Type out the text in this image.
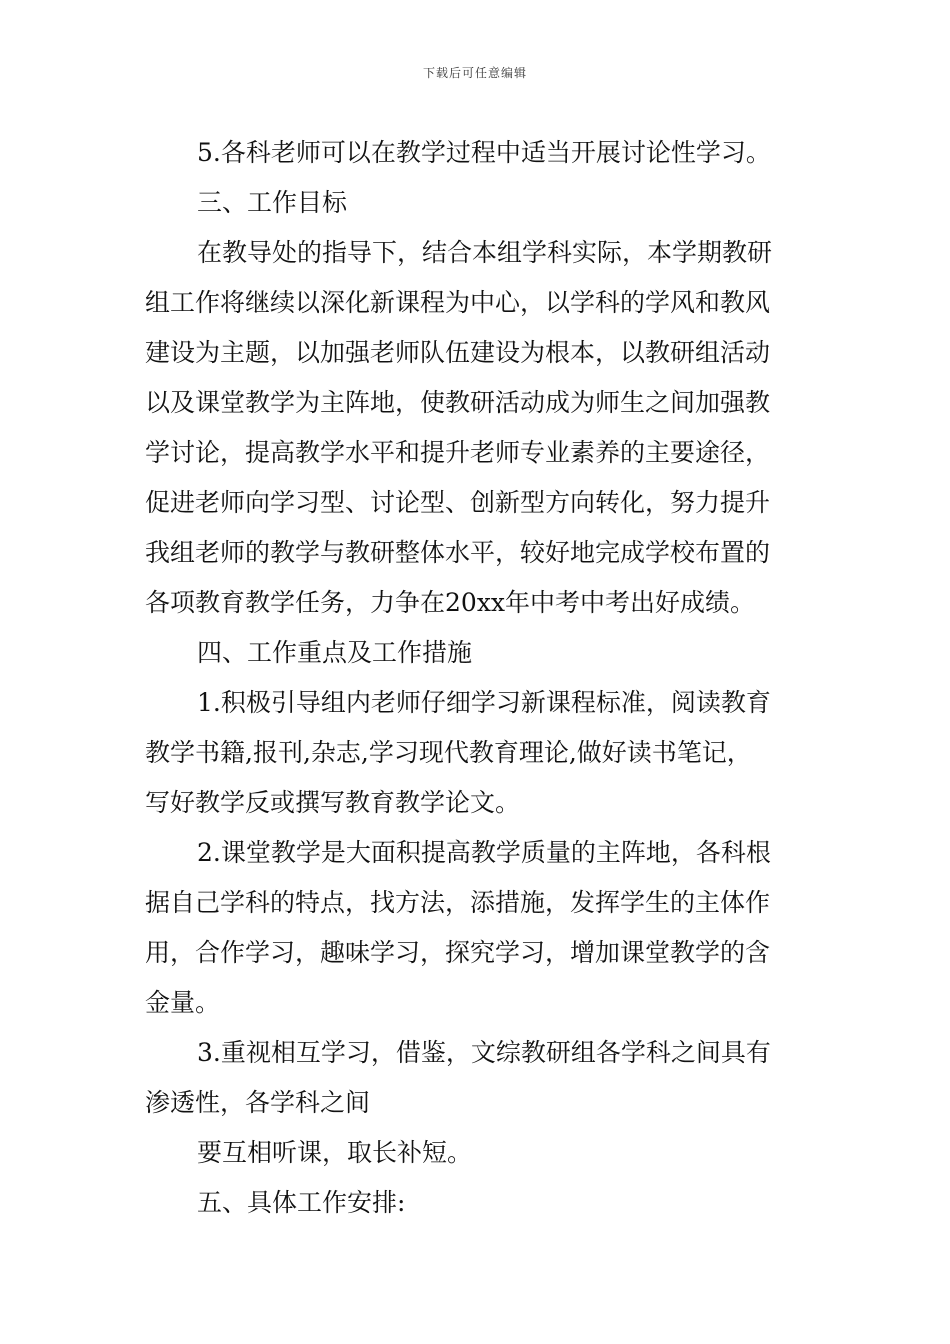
下载后可任意编辑
5.各科老师可以在教学过程中适当开展讨论性学习。
三、工作目标
在教导处的指导下，结合本组学科实际，本学期教研
组工作将继续以深化新课程为中心，以学科的学风和教风
建设为主题，以加强老师队伍建设为根本，以教研组活动
以及课堂教学为主阵地，使教研活动成为师生之间加强教
学讨论，提高教学水平和提升老师专业素养的主要途径，
促进老师向学习型、讨论型、创新型方向转化，努力提升
我组老师的教学与教研整体水平，较好地完成学校布置的
各项教育教学任务，力争在20xx年中考中考出好成绩。
四、工作重点及工作措施
1.积极引导组内老师仔细学习新课程标准，阅读教育
教学书籍,报刊,杂志,学习现代教育理论,做好读书笔记，
写好教学反或撰写教育教学论文。
2.课堂教学是大面积提高教学质量的主阵地，各科根
据自己学科的特点，找方法，添措施，发挥学生的主体作
用，合作学习，趣味学习，探究学习，增加课堂教学的含
金量。
3.重视相互学习，借鉴，文综教研组各学科之间具有
渗透性，各学科之间
要互相听课，取长补短。
五、具体工作安排:
